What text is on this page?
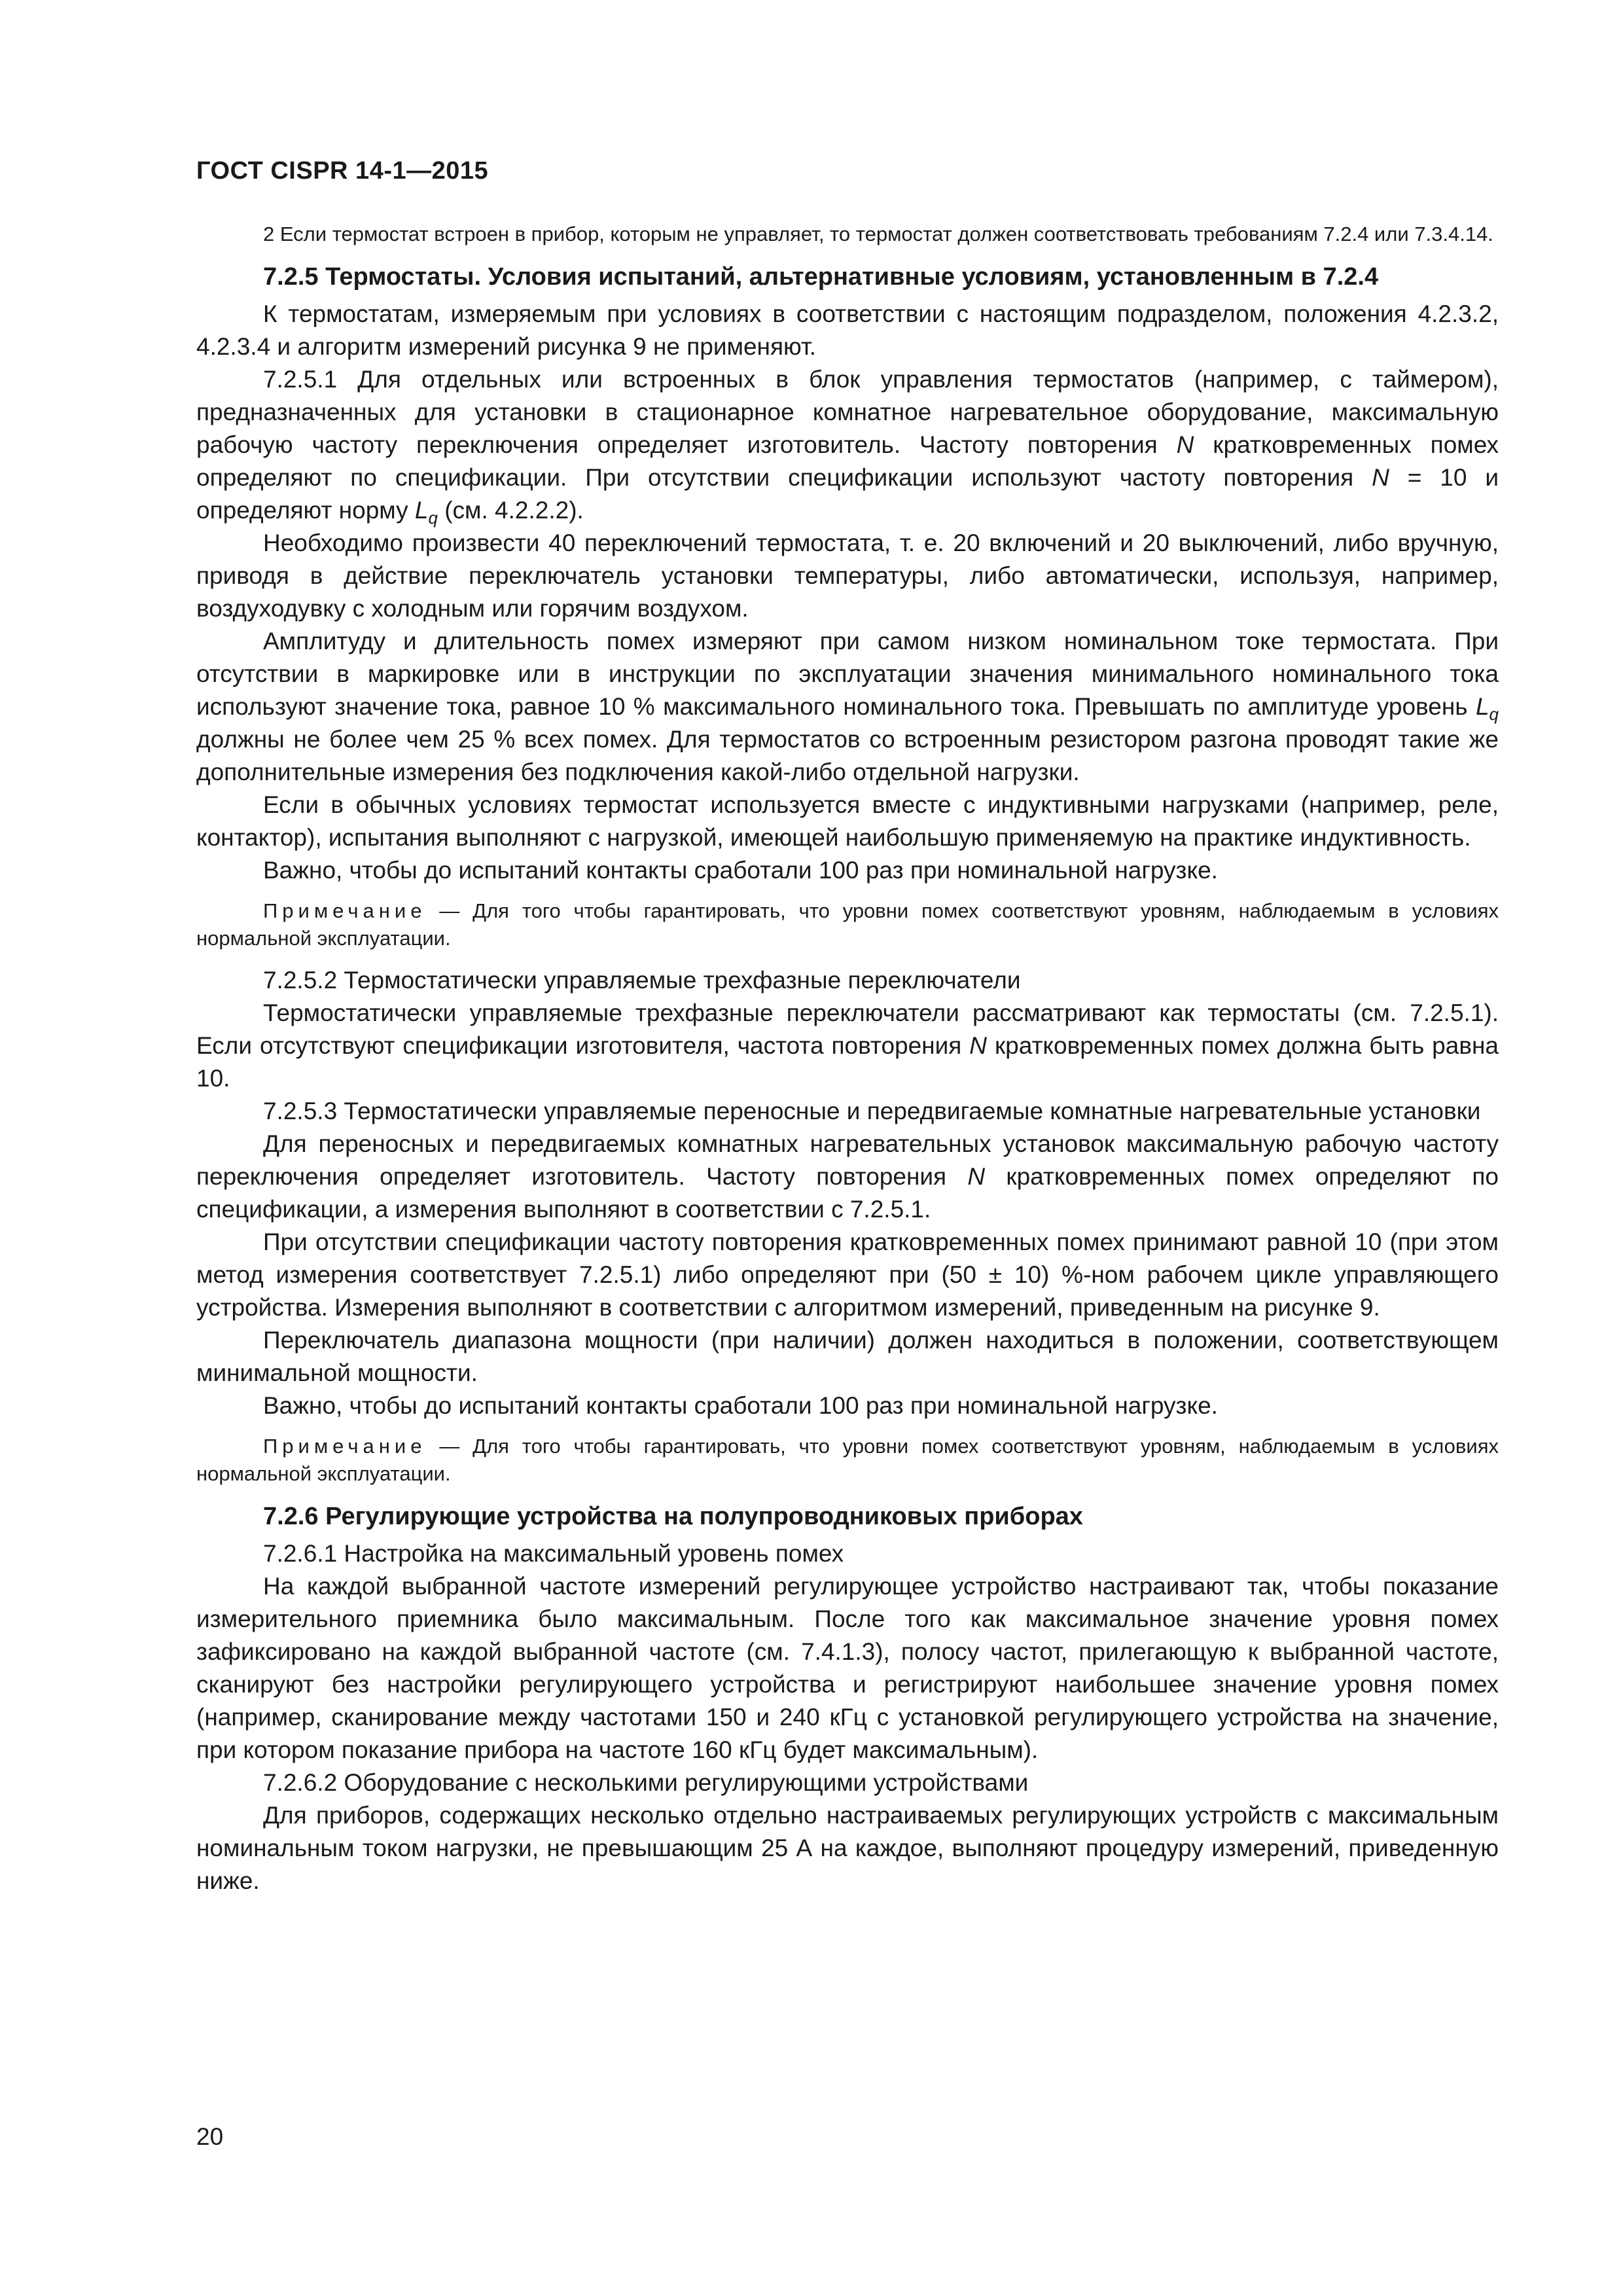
ГОСТ CISPR 14-1—2015

2 Если термостат встроен в прибор, которым не управляет, то термостат должен соответствовать требованиям 7.2.4 или 7.3.4.14.

7.2.5 Термостаты. Условия испытаний, альтернативные условиям, установленным в 7.2.4

К термостатам, измеряемым при условиях в соответствии с настоящим подразделом, положения 4.2.3.2, 4.2.3.4 и алгоритм измерений рисунка 9 не применяют.

7.2.5.1 Для отдельных или встроенных в блок управления термостатов (например, с таймером), предназначенных для установки в стационарное комнатное нагревательное оборудование, максимальную рабочую частоту переключения определяет изготовитель. Частоту повторения N кратковременных помех определяют по спецификации. При отсутствии спецификации используют частоту повторения N = 10 и определяют норму $L_q$ (см. 4.2.2.2).

Необходимо произвести 40 переключений термостата, т. е. 20 включений и 20 выключений, либо вручную, приводя в действие переключатель установки температуры, либо автоматически, используя, например, воздуходувку с холодным или горячим воздухом.

Амплитуду и длительность помех измеряют при самом низком номинальном токе термостата. При отсутствии в маркировке или в инструкции по эксплуатации значения минимального номинального тока используют значение тока, равное 10 % максимального номинального тока. Превышать по амплитуде уровень $L_q$ должны не более чем 25 % всех помех. Для термостатов со встроенным резистором разгона проводят такие же дополнительные измерения без подключения какой-либо отдельной нагрузки.

Если в обычных условиях термостат используется вместе с индуктивными нагрузками (например, реле, контактор), испытания выполняют с нагрузкой, имеющей наибольшую применяемую на практике индуктивность.

Важно, чтобы до испытаний контакты сработали 100 раз при номинальной нагрузке.

Примечание — Для того чтобы гарантировать, что уровни помех соответствуют уровням, наблюдаемым в условиях нормальной эксплуатации.

7.2.5.2 Термостатически управляемые трехфазные переключатели

Термостатически управляемые трехфазные переключатели рассматривают как термостаты (см. 7.2.5.1). Если отсутствуют спецификации изготовителя, частота повторения N кратковременных помех должна быть равна 10.

7.2.5.3 Термостатически управляемые переносные и передвигаемые комнатные нагревательные установки

Для переносных и передвигаемых комнатных нагревательных установок максимальную рабочую частоту переключения определяет изготовитель. Частоту повторения N кратковременных помех определяют по спецификации, а измерения выполняют в соответствии с 7.2.5.1.

При отсутствии спецификации частоту повторения кратковременных помех принимают равной 10 (при этом метод измерения соответствует 7.2.5.1) либо определяют при (50 ± 10) %-ном рабочем цикле управляющего устройства. Измерения выполняют в соответствии с алгоритмом измерений, приведенным на рисунке 9.

Переключатель диапазона мощности (при наличии) должен находиться в положении, соответствующем минимальной мощности.

Важно, чтобы до испытаний контакты сработали 100 раз при номинальной нагрузке.

Примечание — Для того чтобы гарантировать, что уровни помех соответствуют уровням, наблюдаемым в условиях нормальной эксплуатации.

7.2.6 Регулирующие устройства на полупроводниковых приборах

7.2.6.1 Настройка на максимальный уровень помех

На каждой выбранной частоте измерений регулирующее устройство настраивают так, чтобы показание измерительного приемника было максимальным. После того как максимальное значение уровня помех зафиксировано на каждой выбранной частоте (см. 7.4.1.3), полосу частот, прилегающую к выбранной частоте, сканируют без настройки регулирующего устройства и регистрируют наибольшее значение уровня помех (например, сканирование между частотами 150 и 240 кГц с установкой регулирующего устройства на значение, при котором показание прибора на частоте 160 кГц будет максимальным).

7.2.6.2 Оборудование с несколькими регулирующими устройствами

Для приборов, содержащих несколько отдельно настраиваемых регулирующих устройств с максимальным номинальным током нагрузки, не превышающим 25 А на каждое, выполняют процедуру измерений, приведенную ниже.

20
